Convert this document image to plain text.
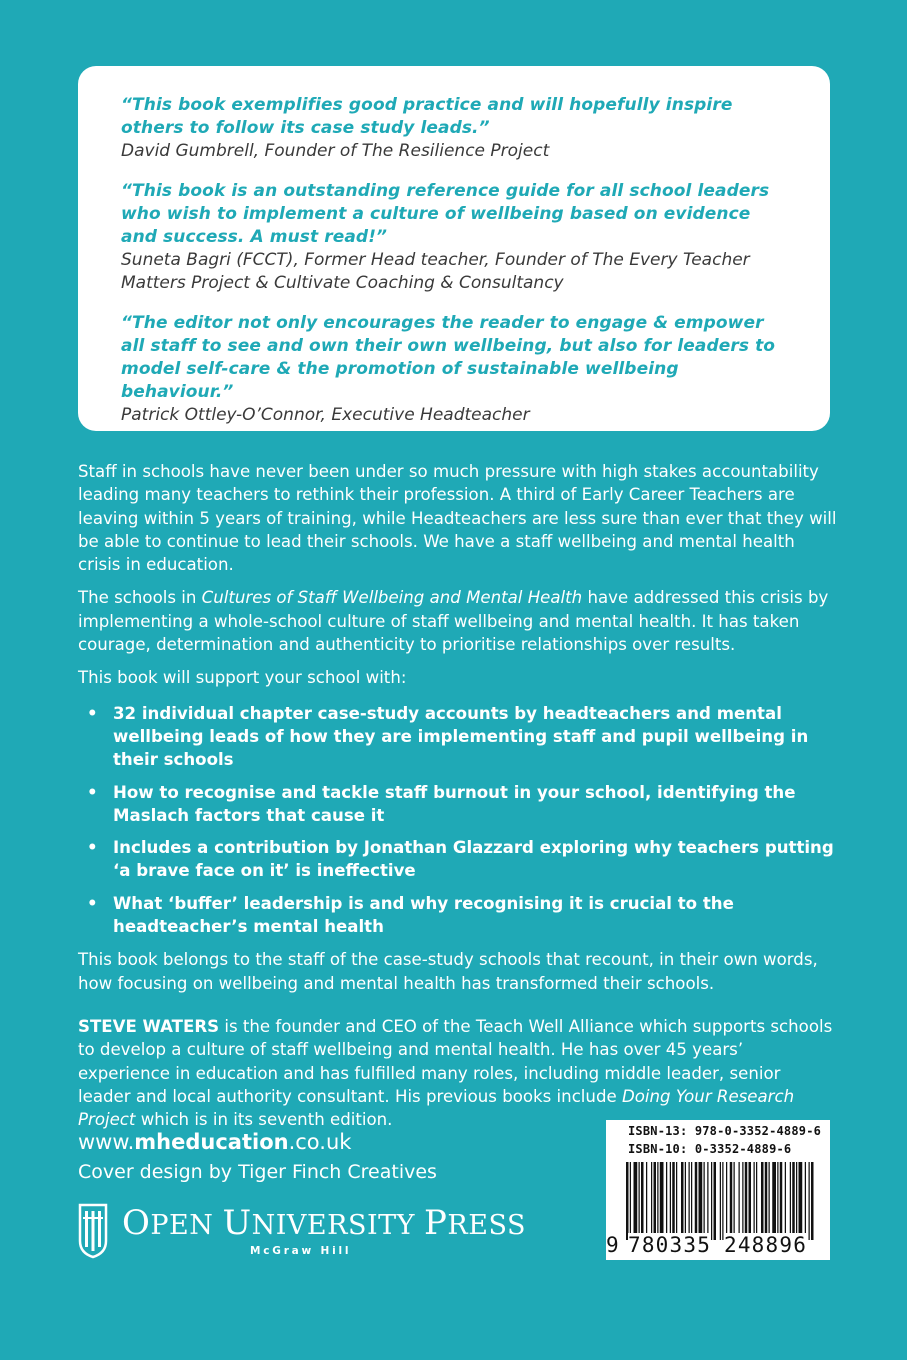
“This book exemplifies good practice and will hopefully inspire others to follow its case study leads.”
David Gumbrell, Founder of The Resilience Project
“This book is an outstanding reference guide for all school leaders who wish to implement a culture of wellbeing based on evidence and success. A must read!”
Suneta Bagri (FCCT), Former Head teacher, Founder of The Every Teacher Matters Project & Cultivate Coaching & Consultancy
“The editor not only encourages the reader to engage & empower all staff to see and own their own wellbeing, but also for leaders to model self-care & the promotion of sustainable wellbeing behaviour.”
Patrick Ottley-O’Connor, Executive Headteacher

Staff in schools have never been under so much pressure with high stakes accountability leading many teachers to rethink their profession. A third of Early Career Teachers are leaving within 5 years of training, while Headteachers are less sure than ever that they will be able to continue to lead their schools. We have a staff wellbeing and mental health crisis in education.

The schools in Cultures of Staff Wellbeing and Mental Health have addressed this crisis by implementing a whole-school culture of staff wellbeing and mental health. It has taken courage, determination and authenticity to prioritise relationships over results.

This book will support your school with:

• 32 individual chapter case-study accounts by headteachers and mental wellbeing leads of how they are implementing staff and pupil wellbeing in their schools
• How to recognise and tackle staff burnout in your school, identifying the Maslach factors that cause it
• Includes a contribution by Jonathan Glazzard exploring why teachers putting ‘a brave face on it’ is ineffective
• What ‘buffer’ leadership is and why recognising it is crucial to the headteacher’s mental health

This book belongs to the staff of the case-study schools that recount, in their own words, how focusing on wellbeing and mental health has transformed their schools.

STEVE WATERS is the founder and CEO of the Teach Well Alliance which supports schools to develop a culture of staff wellbeing and mental health. He has over 45 years’ experience in education and has fulfilled many roles, including middle leader, senior leader and local authority consultant. His previous books include Doing Your Research Project which is in its seventh edition.

www.mheducation.co.uk
Cover design by Tiger Finch Creatives
OPEN UNIVERSITY PRESS
McGraw Hill
ISBN-13: 978-0-3352-4889-6
ISBN-10: 0-3352-4889-6
9 780335 248896
